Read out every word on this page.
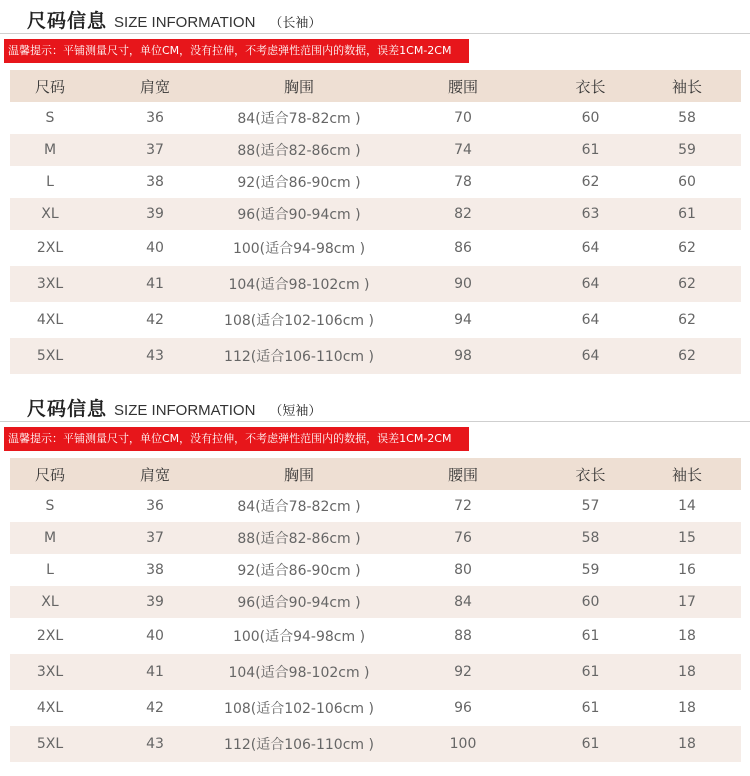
尺码信息 SIZE INFORMATION （长袖）
温馨提示：平铺测量尺寸，单位CM，没有拉伸，不考虑弹性范围内的数据，误差1CM-2CM
尺码	肩宽	胸围	腰围	衣长	袖长
S	36	84(适合78-82cm )	70	60	58
M	37	88(适合82-86cm )	74	61	59
L	38	92(适合86-90cm )	78	62	60
XL	39	96(适合90-94cm )	82	63	61
2XL	40	100(适合94-98cm )	86	64	62
3XL	41	104(适合98-102cm )	90	64	62
4XL	42	108(适合102-106cm )	94	64	62
5XL	43	112(适合106-110cm )	98	64	62
尺码信息 SIZE INFORMATION （短袖）
温馨提示：平铺测量尺寸，单位CM，没有拉伸，不考虑弹性范围内的数据，误差1CM-2CM
尺码	肩宽	胸围	腰围	衣长	袖长
S	36	84(适合78-82cm )	72	57	14
M	37	88(适合82-86cm )	76	58	15
L	38	92(适合86-90cm )	80	59	16
XL	39	96(适合90-94cm )	84	60	17
2XL	40	100(适合94-98cm )	88	61	18
3XL	41	104(适合98-102cm )	92	61	18
4XL	42	108(适合102-106cm )	96	61	18
5XL	43	112(适合106-110cm )	100	61	18
